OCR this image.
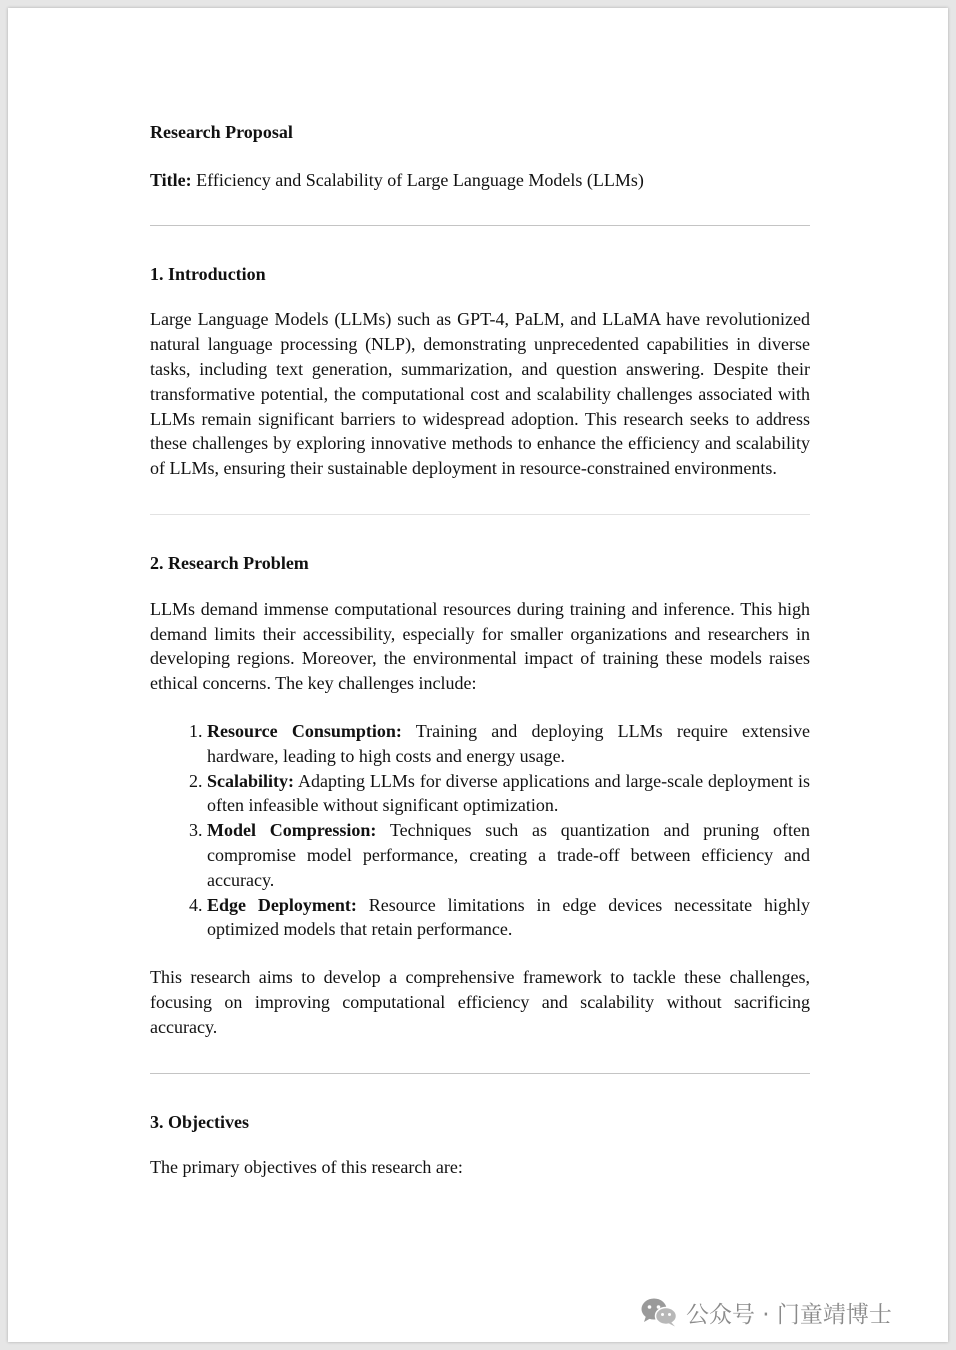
Research Proposal

Title: Efficiency and Scalability of Large Language Models (LLMs)

1. Introduction

Large Language Models (LLMs) such as GPT-4, PaLM, and LLaMA have revolutionized natural language processing (NLP), demonstrating unprecedented capabilities in diverse tasks, including text generation, summarization, and question answering. Despite their transformative potential, the computational cost and scalability challenges associated with LLMs remain significant barriers to widespread adoption. This research seeks to address these challenges by exploring innovative methods to enhance the efficiency and scalability of LLMs, ensuring their sustainable deployment in resource-constrained environments.

2. Research Problem

LLMs demand immense computational resources during training and inference. This high demand limits their accessibility, especially for smaller organizations and researchers in developing regions. Moreover, the environmental impact of training these models raises ethical concerns. The key challenges include:

1. Resource Consumption: Training and deploying LLMs require extensive hardware, leading to high costs and energy usage.
2. Scalability: Adapting LLMs for diverse applications and large-scale deployment is often infeasible without significant optimization.
3. Model Compression: Techniques such as quantization and pruning often compromise model performance, creating a trade-off between efficiency and accuracy.
4. Edge Deployment: Resource limitations in edge devices necessitate highly optimized models that retain performance.

This research aims to develop a comprehensive framework to tackle these challenges, focusing on improving computational efficiency and scalability without sacrificing accuracy.

3. Objectives

The primary objectives of this research are:

公众号 · 门童靖博士
